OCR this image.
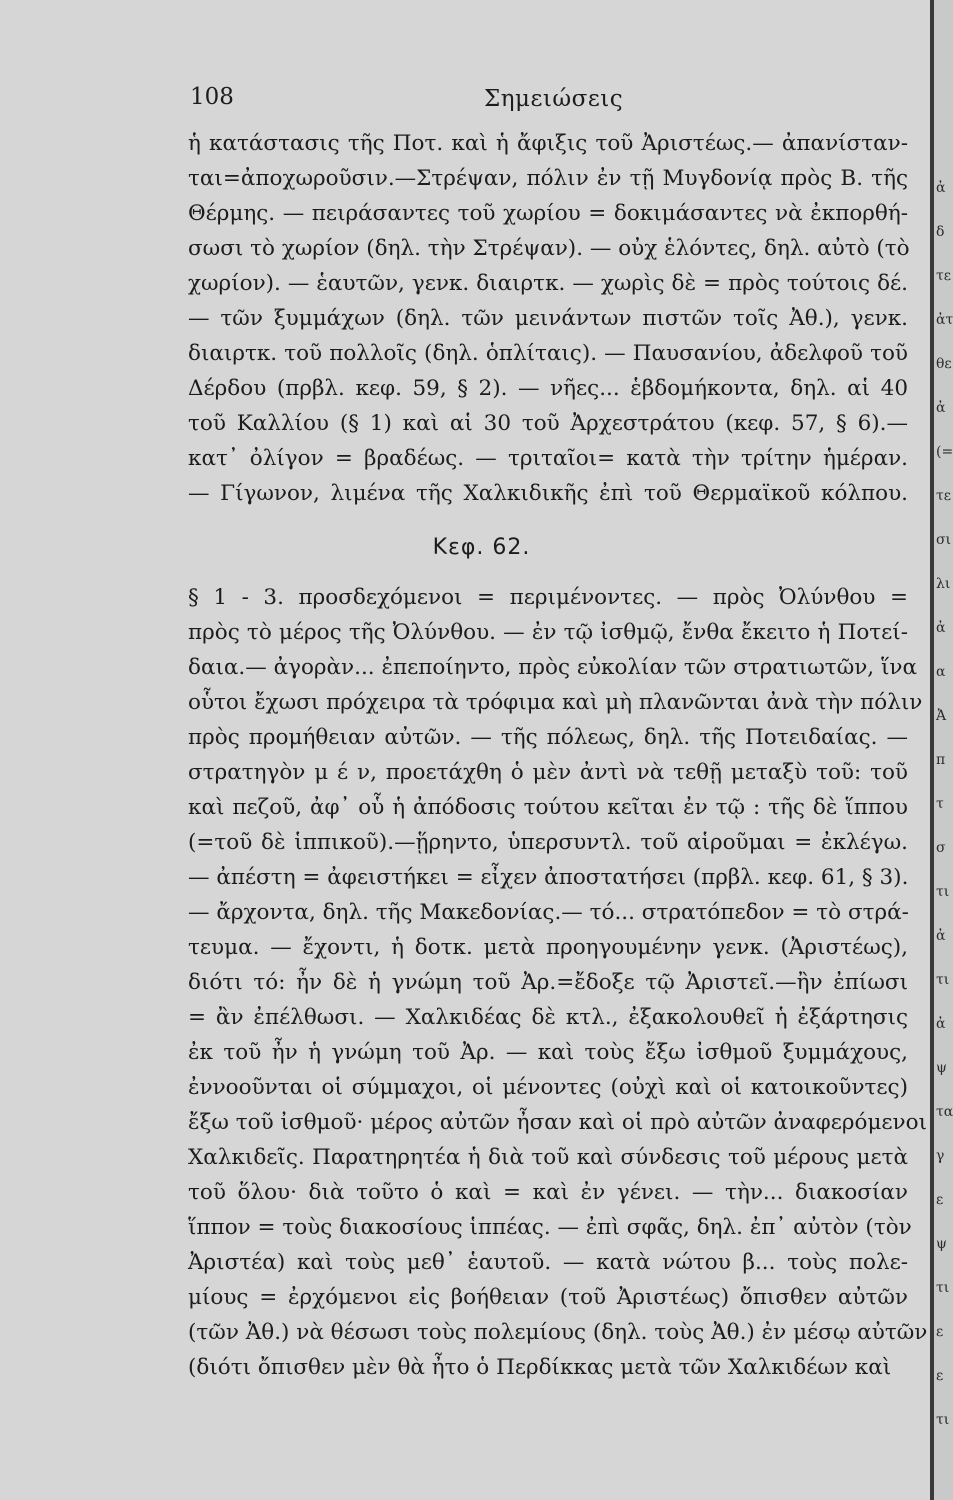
108	Σημειώσεις
ἡ κατάστασις τῆς Ποτ. καὶ ἡ ἄφιξις τοῦ Ἀριστέως.— ἀπανίσταν-
ται=ἀποχωροῦσιν.—Στρέψαν, πόλιν ἐν τῇ Μυγδονίᾳ πρὸς Β. τῆς
Θέρμης. — πειράσαντες τοῦ χωρίου = δοκιμάσαντες νὰ ἐκπορθή-
σωσι τὸ χωρίον (δηλ. τὴν Στρέψαν). — οὐχ ἑλόντες, δηλ. αὐτὸ (τὸ
χωρίον). — ἑαυτῶν, γενκ. διαιρτκ. — χωρὶς δὲ = πρὸς τούτοις δέ.
— τῶν ξυμμάχων (δηλ. τῶν μεινάντων πιστῶν τοῖς Ἀθ.), γενκ.
διαιρτκ. τοῦ πολλοῖς (δηλ. ὁπλίταις). — Παυσανίου, ἀδελφοῦ τοῦ
Δέρδου (πρβλ. κεφ. 59, § 2). — νῆες... ἑβδομήκοντα, δηλ. αἱ 40
τοῦ Καλλίου (§ 1) καὶ αἱ 30 τοῦ Ἀρχεστράτου (κεφ. 57, § 6).—
κατ᾽ ὀλίγον = βραδέως. — τριταῖοι= κατὰ τὴν τρίτην ἡμέραν.
— Γίγωνον, λιμένα τῆς Χαλκιδικῆς ἐπὶ τοῦ Θερμαϊκοῦ κόλπου.
Κεφ. 62.
§ 1 - 3. προσδεχόμενοι = περιμένοντες. — πρὸς Ὀλύνθου =
πρὸς τὸ μέρος τῆς Ὀλύνθου. — ἐν τῷ ἰσθμῷ, ἔνθα ἔκειτο ἡ Ποτεί-
δαια.— ἀγορὰν... ἐπεποίηντο, πρὸς εὐκολίαν τῶν στρατιωτῶν, ἵνα
οὗτοι ἔχωσι πρόχειρα τὰ τρόφιμα καὶ μὴ πλανῶνται ἀνὰ τὴν πόλιν
πρὸς προμήθειαν αὐτῶν. — τῆς πόλεως, δηλ. τῆς Ποτειδαίας. —
στρατηγὸν μ έ ν, προετάχθη ὁ μὲν ἀντὶ νὰ τεθῇ μεταξὺ τοῦ: τοῦ
καὶ πεζοῦ, ἀφ᾽ οὗ ἡ ἀπόδοσις τούτου κεῖται ἐν τῷ : τῆς δὲ ἵππου
(=τοῦ δὲ ἱππικοῦ).—ᾕρηντο, ὑπερσυντλ. τοῦ αἱροῦμαι = ἐκλέγω.
— ἀπέστη = ἀφειστήκει = εἶχεν ἀποστατήσει (πρβλ. κεφ. 61, § 3).
— ἄρχοντα, δηλ. τῆς Μακεδονίας.— τό... στρατόπεδον = τὸ στρά-
τευμα. — ἔχοντι, ἡ δοτκ. μετὰ προηγουμένην γενκ. (Ἀριστέως),
διότι τό: ἦν δὲ ἡ γνώμη τοῦ Ἀρ.=ἔδοξε τῷ Ἀριστεῖ.—ἢν ἐπίωσι
= ἂν ἐπέλθωσι. — Χαλκιδέας δὲ κτλ., ἐξακολουθεῖ ἡ ἐξάρτησις
ἐκ τοῦ ἦν ἡ γνώμη τοῦ Ἀρ. — καὶ τοὺς ἔξω ἰσθμοῦ ξυμμάχους,
ἐννοοῦνται οἱ σύμμαχοι, οἱ μένοντες (οὐχὶ καὶ οἱ κατοικοῦντες)
ἔξω τοῦ ἰσθμοῦ· μέρος αὐτῶν ἦσαν καὶ οἱ πρὸ αὐτῶν ἀναφερόμενοι
Χαλκιδεῖς. Παρατηρητέα ἡ διὰ τοῦ καὶ σύνδεσις τοῦ μέρους μετὰ
τοῦ ὅλου· διὰ τοῦτο ὁ καὶ = καὶ ἐν γένει. — τὴν... διακοσίαν
ἵππον = τοὺς διακοσίους ἱππέας. — ἐπὶ σφᾶς, δηλ. ἐπ᾽ αὐτὸν (τὸν
Ἀριστέα) καὶ τοὺς μεθ᾽ ἑαυτοῦ. — κατὰ νώτου β... τοὺς πολε-
μίους = ἐρχόμενοι εἰς βοήθειαν (τοῦ Ἀριστέως) ὄπισθεν αὐτῶν
(τῶν Ἀθ.) νὰ θέσωσι τοὺς πολεμίους (δηλ. τοὺς Ἀθ.) ἐν μέσῳ αὐτῶν
(διότι ὄπισθεν μὲν θὰ ἦτο ὁ Περδίκκας μετὰ τῶν Χαλκιδέων καὶ
ἀ
δ
τε
ἀτ
θε
ἀ
(=
τε
σι
λι
ἀ
α
Ἀ
π
τ
σ
τι
ἀ
τι
ἀ
ψ
τα
γ
ε
ψ
τι
ε
ε
τι
